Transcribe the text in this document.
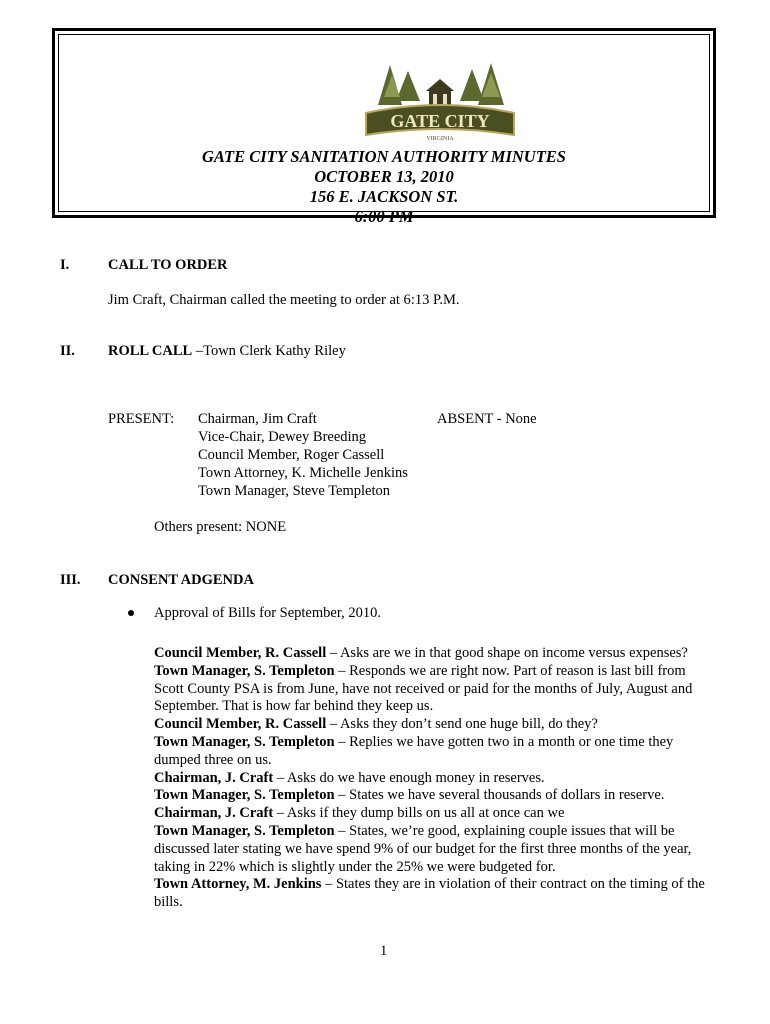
GATE CITY
VIRGINIA
GATE CITY SANITATION AUTHORITY MINUTES
OCTOBER 13, 2010
156 E. JACKSON ST.
6:00 PM
I.	CALL TO ORDER
Jim Craft, Chairman called the meeting to order at 6:13 P.M.
II. ROLL CALL –Town Clerk Kathy Riley
PRESENT: Chairman, Jim Craft
Vice-Chair, Dewey Breeding
Council Member, Roger Cassell
Town Attorney, K. Michelle Jenkins
Town Manager, Steve Templeton
ABSENT - None
Others present: NONE
III. CONSENT ADGENDA
Approval of Bills for September, 2010.

Council Member, R. Cassell – Asks are we in that good shape on income versus expenses?

Town Manager, S. Templeton – Responds we are right now. Part of reason is last bill from Scott County PSA is from June, have not received or paid for the months of July, August and September. That is how far behind they keep us.

Council Member, R. Cassell – Asks they don’t send one huge bill, do they?

Town Manager, S. Templeton – Replies we have gotten two in a month or one time they dumped three on us.

Chairman, J. Craft – Asks do we have enough money in reserves.

Town Manager, S. Templeton – States we have several thousands of dollars in reserve.

Chairman, J. Craft – Asks if they dump bills on us all at once can we

Town Manager, S. Templeton – States, we’re good, explaining couple issues that will be discussed later stating we have spend 9% of our budget for the first three months of the year, taking in 22% which is slightly under the 25% we were budgeted for.

Town Attorney, M. Jenkins – States they are in violation of their contract on the timing of the bills.

1
